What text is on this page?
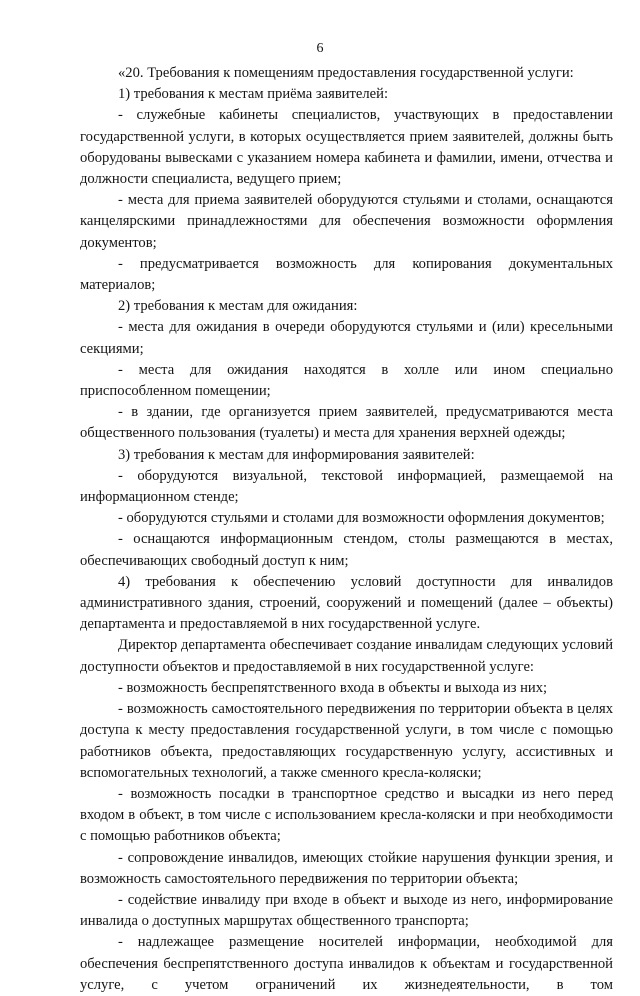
6
«20. Требования к помещениям предоставления государственной услуги:
1) требования к местам приёма заявителей:
- служебные кабинеты специалистов, участвующих в предоставлении государственной услуги, в которых осуществляется прием заявителей, должны быть оборудованы вывесками с указанием номера кабинета и фамилии, имени, отчества и должности специалиста, ведущего прием;
- места для приема заявителей оборудуются стульями и столами, оснащаются канцелярскими принадлежностями для обеспечения возможности оформления документов;
- предусматривается возможность для копирования документальных материалов;
2) требования к местам для ожидания:
- места для ожидания в очереди оборудуются стульями и (или) кресельными секциями;
- места для ожидания находятся в холле или ином специально приспособленном помещении;
- в здании, где организуется прием заявителей, предусматриваются места общественного пользования (туалеты) и места для хранения верхней одежды;
3) требования к местам для информирования заявителей:
- оборудуются визуальной, текстовой информацией, размещаемой на информационном стенде;
- оборудуются стульями и столами для возможности оформления документов;
- оснащаются информационным стендом, столы размещаются в местах, обеспечивающих свободный доступ к ним;
4) требования к обеспечению условий доступности для инвалидов административного здания, строений, сооружений и помещений (далее – объекты) департамента и предоставляемой в них государственной услуге.
Директор департамента обеспечивает создание инвалидам следующих условий доступности объектов и предоставляемой в них государственной услуге:
- возможность беспрепятственного входа в объекты и выхода из них;
- возможность самостоятельного передвижения по территории объекта в целях доступа к месту предоставления государственной услуги, в том числе с помощью работников объекта, предоставляющих государственную услугу, ассистивных и вспомогательных технологий, а также сменного кресла-коляски;
- возможность посадки в транспортное средство и высадки из него перед входом в объект, в том числе с использованием кресла-коляски и при необходимости с помощью работников объекта;
- сопровождение инвалидов, имеющих стойкие нарушения функции зрения, и возможность самостоятельного передвижения по территории объекта;
- содействие инвалиду при входе в объект и выходе из него, информирование инвалида о доступных маршрутах общественного транспорта;
- надлежащее размещение носителей информации, необходимой для обеспечения беспрепятственного доступа инвалидов к объектам и государственной услуге, с учетом ограничений их жизнедеятельности, в том
